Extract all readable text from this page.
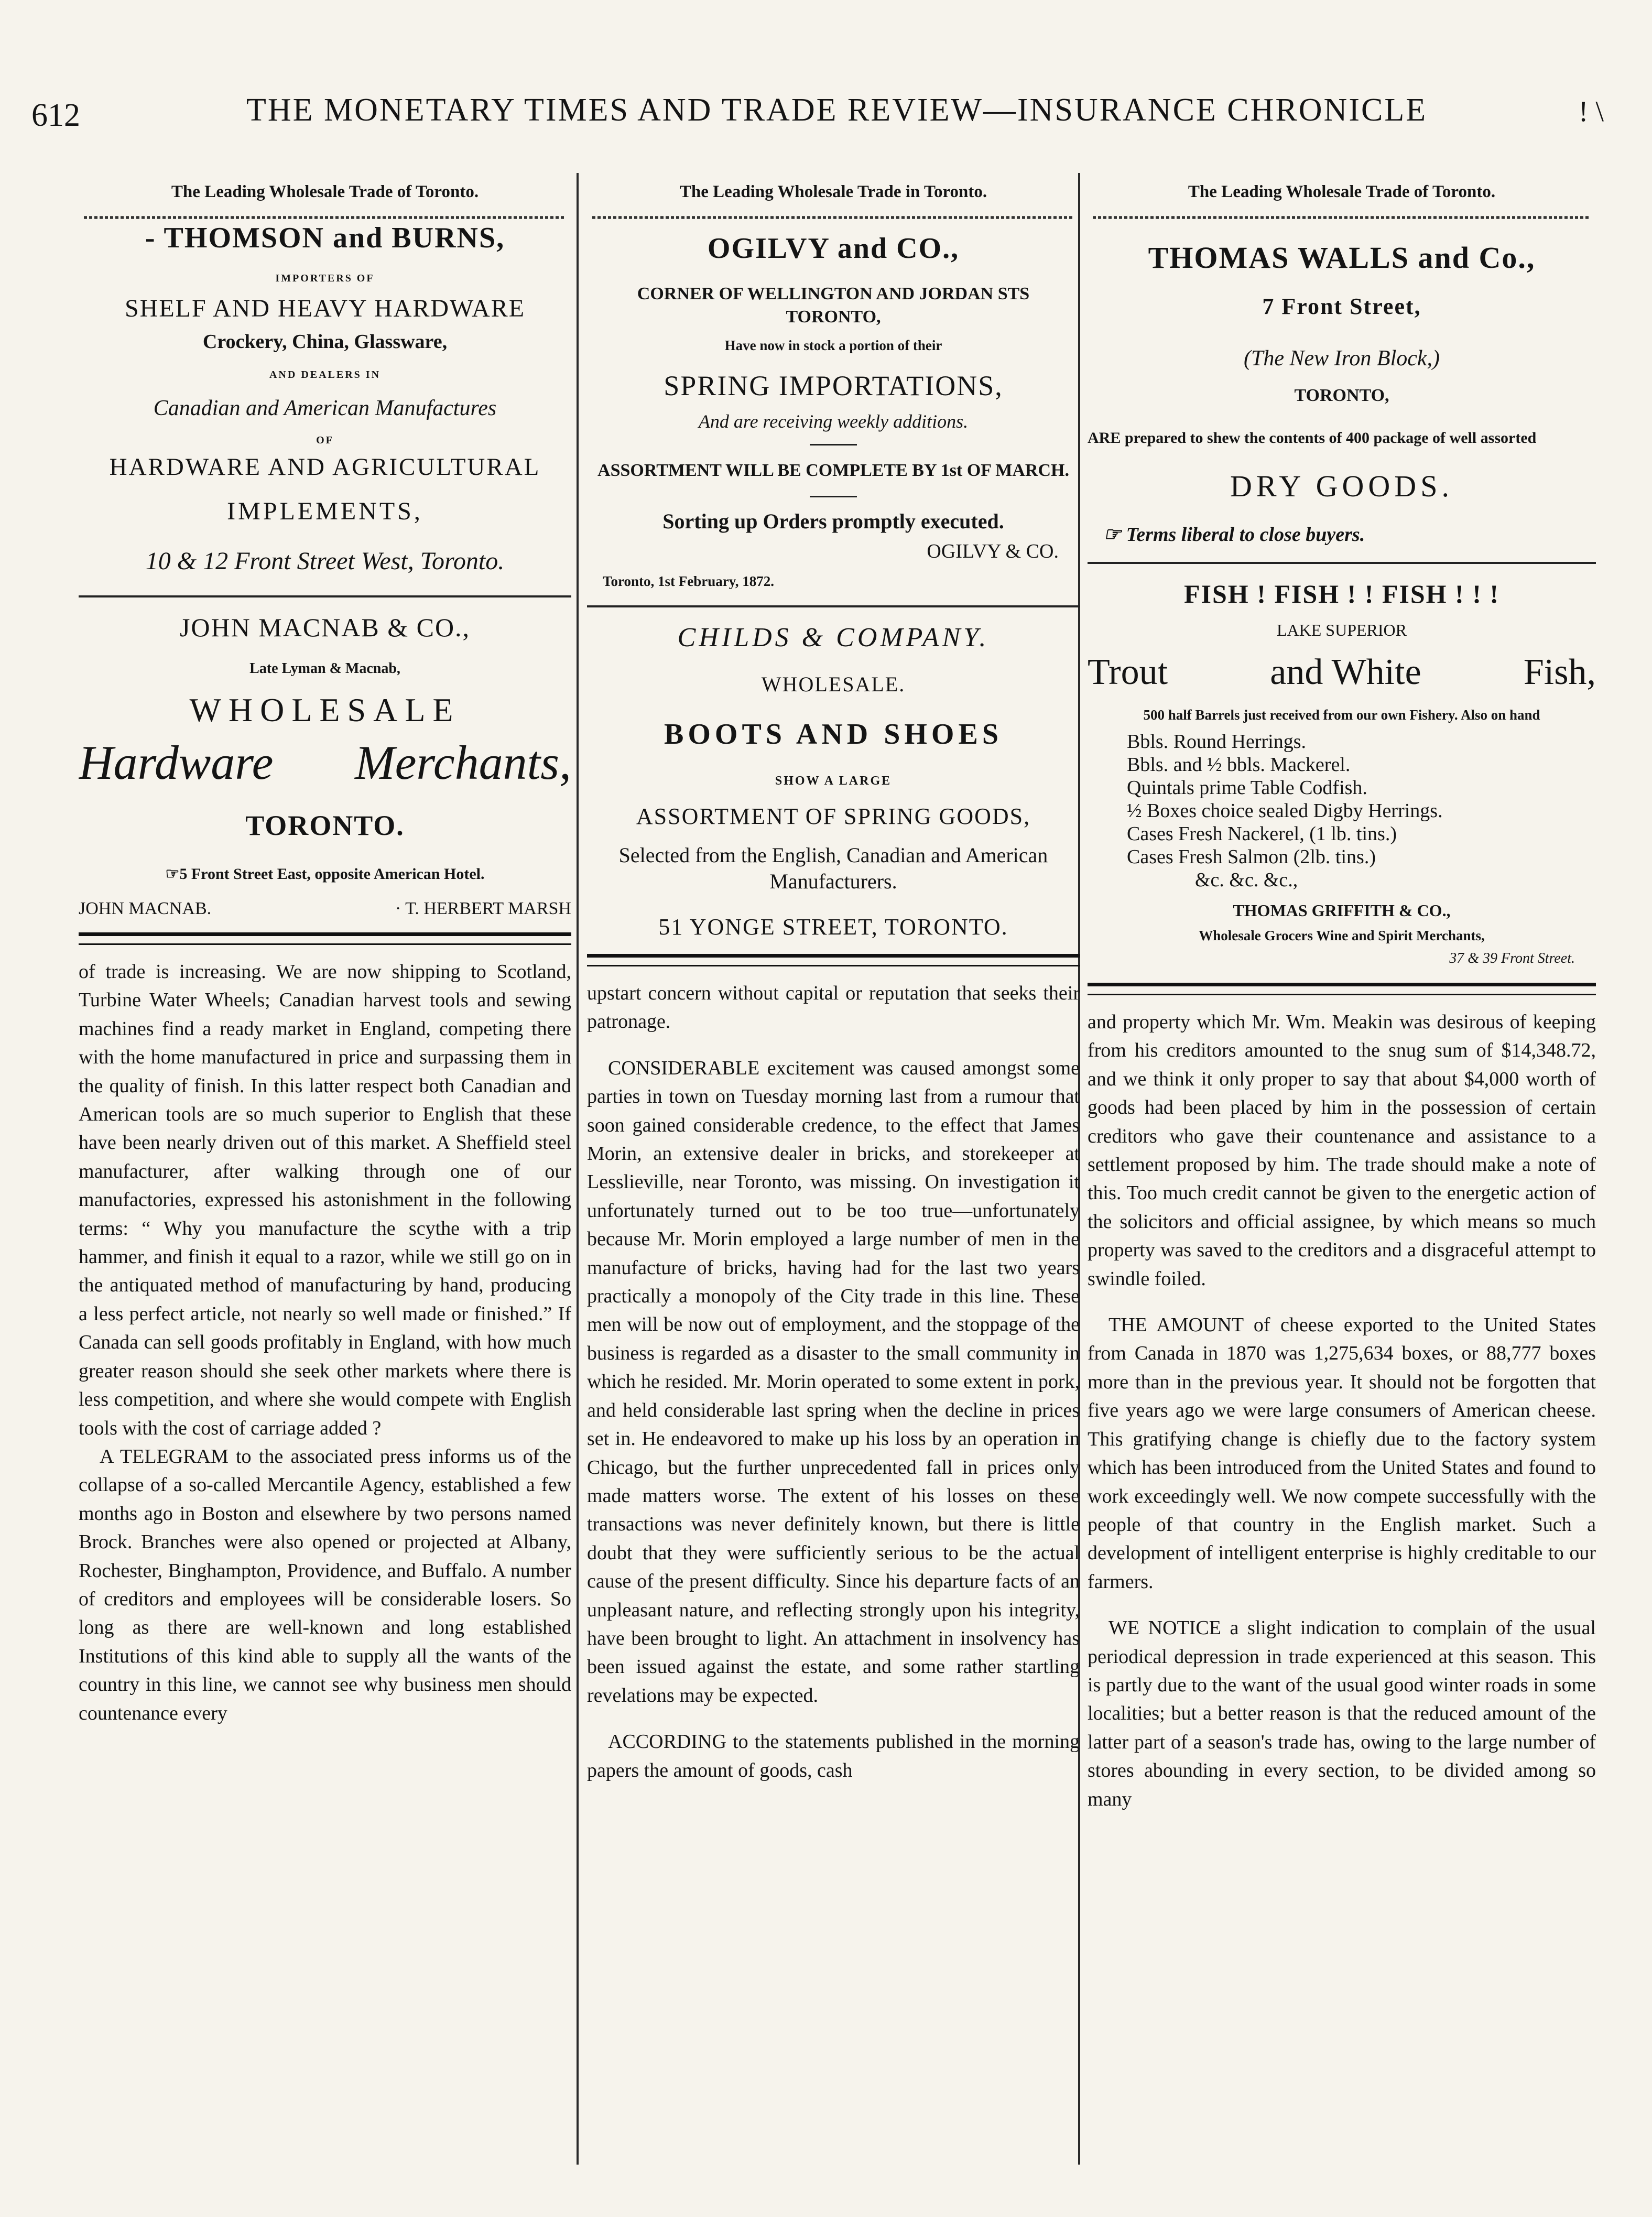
612	THE MONETARY TIMES AND TRADE REVIEW—INSURANCE CHRONICLE	! \
The Leading Wholesale Trade of Toronto.

- THOMSON and BURNS,

IMPORTERS OF

SHELF AND HEAVY HARDWARE

Crockery, China, Glassware,

AND DEALERS IN

Canadian and American Manufactures

OF

HARDWARE AND AGRICULTURAL

IMPLEMENTS,

10 & 12 Front Street West, Toronto.

JOHN MACNAB & CO.,

Late Lyman & Macnab,

WHOLESALE

Hardware Merchants,

TORONTO.

☞5 Front Street East, opposite American Hotel.

JOHN MACNAB.	· T. HERBERT MARSH

of trade is increasing. We are now shipping to Scotland, Turbine Water Wheels; Canadian harvest tools and sewing machines find a ready market in England, competing there with the home manufactured in price and surpassing them in the quality of finish. In this latter respect both Canadian and American tools are so much superior to English that these have been nearly driven out of this market. A Sheffield steel manufacturer, after walking through one of our manufactories, expressed his astonishment in the following terms: “ Why you manufacture the scythe with a trip hammer, and finish it equal to a razor, while we still go on in the antiquated method of manufacturing by hand, producing a less perfect article, not nearly so well made or finished.” If Canada can sell goods profitably in England, with how much greater reason should she seek other markets where there is less competition, and where she would compete with English tools with the cost of carriage added ?

A TELEGRAM to the associated press informs us of the collapse of a so-called Mercantile Agency, established a few months ago in Boston and elsewhere by two persons named Brock. Branches were also opened or projected at Albany, Rochester, Binghampton, Providence, and Buffalo. A number of creditors and employees will be considerable losers. So long as there are well-known and long established Institutions of this kind able to supply all the wants of the country in this line, we cannot see why business men should countenance every

The Leading Wholesale Trade in Toronto.

OGILVY and CO.,

CORNER OF WELLINGTON AND JORDAN STS

TORONTO,

Have now in stock a portion of their

SPRING IMPORTATIONS,

And are receiving weekly additions.

ASSORTMENT WILL BE COMPLETE BY 1st OF MARCH.

Sorting up Orders promptly executed.

OGILVY & CO.

Toronto, 1st February, 1872.

CHILDS & COMPANY.

WHOLESALE.

BOOTS AND SHOES

SHOW A LARGE

ASSORTMENT OF SPRING GOODS,

Selected from the English, Canadian and American Manufacturers.

51 YONGE STREET, TORONTO.

upstart concern without capital or reputation that seeks their patronage.

CONSIDERABLE excitement was caused amongst some parties in town on Tuesday morning last from a rumour that soon gained considerable credence, to the effect that James Morin, an extensive dealer in bricks, and storekeeper at Lesslieville, near Toronto, was missing. On investigation it unfortunately turned out to be too true—unfortunately because Mr. Morin employed a large number of men in the manufacture of bricks, having had for the last two years practically a monopoly of the City trade in this line. These men will be now out of employment, and the stoppage of the business is regarded as a disaster to the small community in which he resided. Mr. Morin operated to some extent in pork, and held considerable last spring when the decline in prices set in. He endeavored to make up his loss by an operation in Chicago, but the further unprecedented fall in prices only made matters worse. The extent of his losses on these transactions was never definitely known, but there is little doubt that they were sufficiently serious to be the actual cause of the present difficulty. Since his departure facts of an unpleasant nature, and reflecting strongly upon his integrity, have been brought to light. An attachment in insolvency has been issued against the estate, and some rather startling revelations may be expected.

ACCORDING to the statements published in the morning papers the amount of goods, cash

The Leading Wholesale Trade of Toronto.

THOMAS WALLS and Co.,

7 Front Street,

(The New Iron Block,)

TORONTO,

ARE prepared to shew the contents of 400 package of well assorted

DRY GOODS.

☞ Terms liberal to close buyers.

FISH ! FISH ! ! FISH ! ! !

LAKE SUPERIOR

Trout	and White	Fish,

500 half Barrels just received from our own Fishery. Also on hand

Bbls. Round Herrings.
Bbls. and ½ bbls. Mackerel.
Quintals prime Table Codfish.
½ Boxes choice sealed Digby Herrings.
Cases Fresh Nackerel, (1 lb. tins.)
Cases Fresh Salmon (2lb. tins.)
&c. &c. &c.,

THOMAS GRIFFITH & CO.,

Wholesale Grocers Wine and Spirit Merchants,

37 & 39 Front Street.

and property which Mr. Wm. Meakin was desirous of keeping from his creditors amounted to the snug sum of $14,348.72, and we think it only proper to say that about $4,000 worth of goods had been placed by him in the possession of certain creditors who gave their countenance and assistance to a settlement proposed by him. The trade should make a note of this. Too much credit cannot be given to the energetic action of the solicitors and official assignee, by which means so much property was saved to the creditors and a disgraceful attempt to swindle foiled.

THE AMOUNT of cheese exported to the United States from Canada in 1870 was 1,275,634 boxes, or 88,777 boxes more than in the previous year. It should not be forgotten that five years ago we were large consumers of American cheese. This gratifying change is chiefly due to the factory system which has been introduced from the United States and found to work exceedingly well. We now compete successfully with the people of that country in the English market. Such a development of intelligent enterprise is highly creditable to our farmers.

WE NOTICE a slight indication to complain of the usual periodical depression in trade experienced at this season. This is partly due to the want of the usual good winter roads in some localities; but a better reason is that the reduced amount of the latter part of a season's trade has, owing to the large number of stores abounding in every section, to be divided among so many
